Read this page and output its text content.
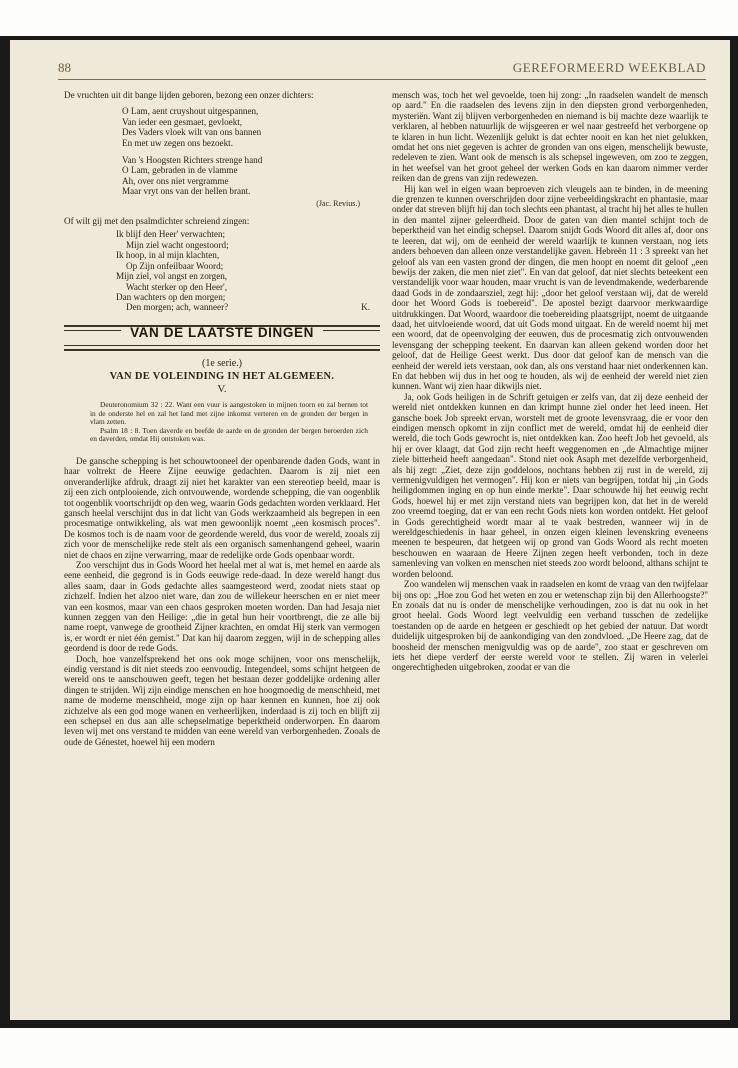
88	GEREFORMEERD WEEKBLAD

De vruchten uit dit bange lijden geboren, bezong een onzer dichters:

O Lam, aent cruyshout uitgespannen,
Van ieder een gesmaet, gevloekt,
Des Vaders vloek wilt van ons bannen
En met uw zegen ons bezoekt.
Van 's Hoogsten Richters strenge hand
O Lam, gebraden in de vlamme
Ah, over ons niet vergramme
Maar vryt ons van der hellen brant.
(Jac. Revius.)

Of wilt gij met den psalmdichter schreiend zingen:

Ik blijf den Heer' verwachten;
Mijn ziel wacht ongestoord;
Ik hoop, in al mijn klachten,
Op Zijn onfeilbaar Woord;
Mijn ziel, vol angst en zorgen,
Wacht sterker op den Heer',
Dan wachters op den morgen;
Den morgen; ach, wanneer?	K.
VAN DE LAATSTE DINGEN
(1e serie.)
VAN DE VOLEINDING IN HET ALGEMEEN.
V.

Deuteronomium 32 : 22. Want een vuur is aangestoken in mijnen toorn en zal bernen tot in de onderste hel en zal het land met zijne inkomst verteren en de gronden der bergen in vlam zetten.

Psalm 18 : 8. Toen daverde en beefde de aarde en de gronden der bergen beroerden zich en daverden, omdat Hij ontstoken was.

De gansche schepping is het schouwtooneel der openbarende daden Gods, want in haar voltrekt de Heere Zijne eeuwige gedachten. Daarom is zij niet een onveranderlijke afdruk, draagt zij niet het karakter van een stereotiep beeld, maar is zij een zich ontplooiende, zich ontvouwende, wordende schepping, die van oogenblik tot oogenblik voortschrijdt op den weg, waarin Gods gedachten worden verklaard. Het gansch heelal verschijnt dus in dat licht van Gods werkzaamheid als begrepen in een procesmatige ontwikkeling, als wat men gewoonlijk noemt „een kosmisch proces". De kosmos toch is de naam voor de geordende wereld, dus voor de wereld, zooals zij zich voor de menschelijke rede stelt als een organisch samenhangend geheel, waarin niet de chaos en zijne verwarring, maar de redelijke orde Gods openbaar wordt.

Zoo verschijnt dus in Gods Woord het heelal met al wat is, met hemel en aarde als eene eenheid, die gegrond is in Gods eeuwige rede-daad. In deze wereld hangt dus alles saam, daar in Gods gedachte alles saamgesteord werd, zoodat niets staat op zichzelf. Indien het alzoo niet ware, dan zou de willekeur heerschen en er niet meer van een kosmos, maar van een chaos gesproken moeten worden. Dan had Jesaja niet kunnen zeggen van den Heilige: „die in getal hun heir voortbrengt, die ze alle bij name roept, vanwege de grootheid Zijner krachten, en omdat Hij sterk van vermogen is, er wordt er niet één gemist." Dat kan hij daarom zeggen, wijl in de schepping alles geordend is door de rede Gods.

Doch, hoe vanzelfsprekend het ons ook moge schijnen, voor ons menschelijk, eindig verstand is dit niet steeds zoo eenvoudig. Integendeel, soms schijnt hetgeen de wereld ons te aanschouwen geeft, tegen het bestaan dezer goddelijke ordening aller dingen te strijden. Wij zijn eindige menschen en hoe hoogmoedig de menschheid, met name de moderne menschheid, moge zijn op haar kennen en kunnen, hoe zij ook zichzelve als een god moge wanen en verheerlijken, inderdaad is zij toch en blijft zij een schepsel en dus aan alle schepselmatige beperktheid onderworpen. En daarom leven wij met ons verstand te midden van eene wereld van verborgenheden. Zooals de oude de Génestet, hoewel hij een modern

mensch was, toch het wel gevoelde, toen hij zong: „In raadselen wandelt de mensch op aard." En die raadselen des levens zijn in den diepsten grond verborgenheden, mysteriën. Want zij blijven verborgenheden en niemand is bij machte deze waarlijk te verklaren, al hebben natuurlijk de wijsgeeren er wel naar gestreefd het verborgene op te klaren in hun licht. Wezenlijk gelukt is dat echter nooit en kan het niet gelukken, omdat het ons niet gegeven is achter de gronden van ons eigen, menschelijk bewuste, redeleven te zien. Want ook de mensch is als schepsel ingeweven, om zoo te zeggen, in het weefsel van het groot geheel der werken Gods en kan daarom nimmer verder reiken dan de grens van zijn redewezen.

Hij kan wel in eigen waan beproeven zich vleugels aan te binden, in de meening die grenzen te kunnen overschrijden door zijne verbeeldingskracht en phantasie, maar onder dat streven blijft hij dan toch slechts een phantast, al tracht hij het alles te hullen in den mantel zijner geleerdheid. Door de gaten van dien mantel schijnt toch de beperktheid van het eindig schepsel. Daarom snijdt Gods Woord dit alles af, door ons te leeren, dat wij, om de eenheid der wereld waarlijk te kunnen verstaan, nog iets anders behoeven dan alleen onze verstandelijke gaven. Hebreën 11 : 3 spreekt van het geloof als van een vasten grond der dingen, die men hoopt en noemt dit geloof „een bewijs der zaken, die men niet ziet". En van dat geloof, dat niet slechts beteekent een verstandelijk voor waar houden, maar vrucht is van de levendmakende, wederbarende daad Gods in de zondaarsziel, zegt hij: „door het geloof verstaan wij, dat de wereld door het Woord Gods is toebereid". De apostel bezigt daarvoor merkwaardige uitdrukkingen. Dat Woord, waardoor die toebereiding plaatsgrijpt, noemt de uitgaande daad, het uitvloeiende woord, dat uit Gods mond uitgaat. En de wereld noemt hij met een woord, dat de opeenvolging der eeuwen, dus de procesmatig zich ontvouwenden levensgang der schepping teekent. En daarvan kan alleen gekend worden door het geloof, dat de Heilige Geest werkt. Dus door dat geloof kan de mensch van die eenheid der wereld iets verstaan, ook dan, als ons verstand haar niet onderkennen kan. En dat hebben wij dus in het oog te houden, als wij de eenheid der wereld niet zien kunnen. Want wij zien haar dikwijls niet.

Ja, ook Gods heiligen in de Schrift getuigen er zelfs van, dat zij deze eenheid der wereld niet ontdekken kunnen en dan krimpt hunne ziel onder het leed ineen. Het gansche boek Job spreekt ervan, worstelt met de groote levensvraag, die er voor den eindigen mensch opkomt in zijn conflict met de wereld, omdat hij de eenheid dier wereld, die toch Gods gewrocht is, niet ontdekken kan. Zoo heeft Job het gevoeld, als hij er over klaagt, dat God zijn recht heeft weggenomen en „de Almachtige mijner ziele bitterheid heeft aangedaan". Stond niet ook Asaph met dezelfde verborgenheid, als hij zegt: „Ziet, deze zijn goddeloos, nochtans hebben zij rust in de wereld, zij vermenigvuldigen het vermogen". Hij kon er niets van begrijpen, totdat hij „in Gods heiligdommen inging en op hun einde merkte". Daar schouwde hij het eeuwig recht Gods, hoewel hij er met zijn verstand niets van begrijpen kon, dat het in de wereld zoo vreemd toeging, dat er van een recht Gods niets kon worden ontdekt. Het geloof in Gods gerechtigheid wordt maar al te vaak bestreden, wanneer wij in de wereldgeschiedenis in haar geheel, in onzen eigen kleinen levenskring eveneens meenen te bespeuren, dat hetgeen wij op grond van Gods Woord als recht moeten beschouwen en waaraan de Heere Zijnen zegen heeft verbonden, toch in deze samenleving van volken en menschen niet steeds zoo wordt beloond, althans schijnt te worden beloond.

Zoo wandelen wij menschen vaak in raadselen en komt de vraag van den twijfelaar bij ons op: „Hoe zou God het weten en zou er wetenschap zijn bij den Allerhoogste?" En zooals dat nu is onder de menschelijke verhoudingen, zoo is dat nu ook in het groot heelal. Gods Woord legt veelvuldig een verband tusschen de zedelijke toestanden op de aarde en hetgeen er geschiedt op het gebied der natuur. Dat wordt duidelijk uitgesproken bij de aankondiging van den zondvloed. „De Heere zag, dat de boosheid der menschen menigvuldig was op de aarde", zoo staat er geschreven om iets het diepe verderf der eerste wereld voor te stellen. Zij waren in velerlei ongerechtigheden uitgebroken, zoodat er van die
